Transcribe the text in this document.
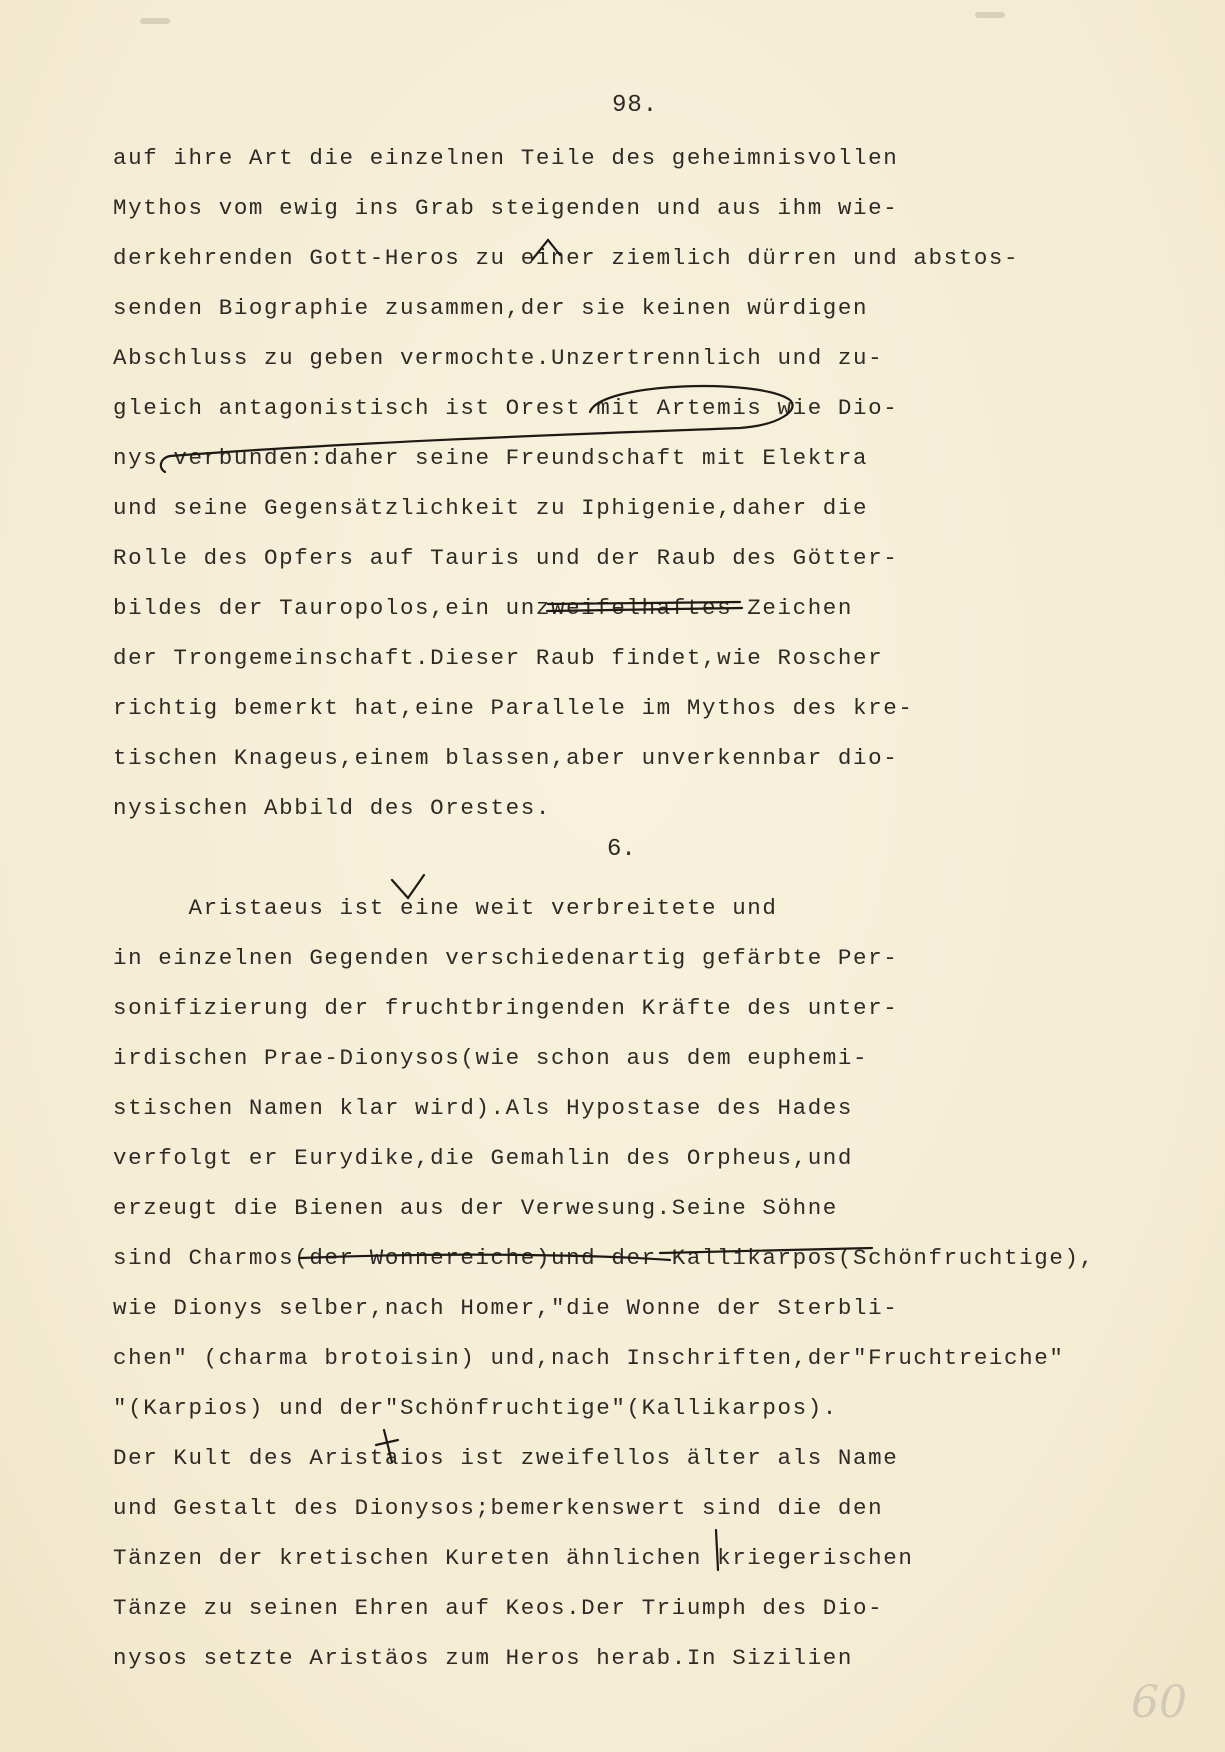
98.
auf ihre Art die einzelnen Teile des geheimnisvollen
Mythos vom ewig ins Grab steigenden und aus ihm wie-
derkehrenden Gott-Heros zu einer ziemlich dürren und abstos-
senden Biographie zusammen,der sie keinen würdigen
Abschluss zu geben vermochte.Unzertrennlich und zu-
gleich antagonistisch ist Orest mit Artemis wie Dio-
nys verbunden:daher seine Freundschaft mit Elektra
und seine Gegensätzlichkeit zu Iphigenie,daher die
Rolle des Opfers auf Tauris und der Raub des Götter-
bildes der Tauropolos,ein unzweifelhaftes Zeichen
der Trongemeinschaft.Dieser Raub findet,wie Roscher
richtig bemerkt hat,eine Parallele im Mythos des kre-
tischen Knageus,einem blassen,aber unverkennbar dio-
nysischen Abbild des Orestes.
6.
Aristaeus ist eine weit verbreitete und
in einzelnen Gegenden verschiedenartig gefärbte Per-
sonifizierung der fruchtbringenden Kräfte des unter-
irdischen Prae-Dionysos(wie schon aus dem euphemi-
stischen Namen klar wird).Als Hypostase des Hades
verfolgt er Eurydike,die Gemahlin des Orpheus,und
erzeugt die Bienen aus der Verwesung.Seine Söhne
sind Charmos(der Wonnereiche)und der Kallikarpos(Schönfruchtige),
wie Dionys selber,nach Homer,"die Wonne der Sterbli-
chen" (charma brotoisin) und,nach Inschriften,der"Fruchtreiche"
"(Karpios) und der"Schönfruchtige"(Kallikarpos).
Der Kult des Aristaios ist zweifellos älter als Name
und Gestalt des Dionysos;bemerkenswert sind die den
Tänzen der kretischen Kureten ähnlichen kriegerischen
Tänze zu seinen Ehren auf Keos.Der Triumph des Dio-
nysos setzte Aristäos zum Heros herab.In Sizilien
60
